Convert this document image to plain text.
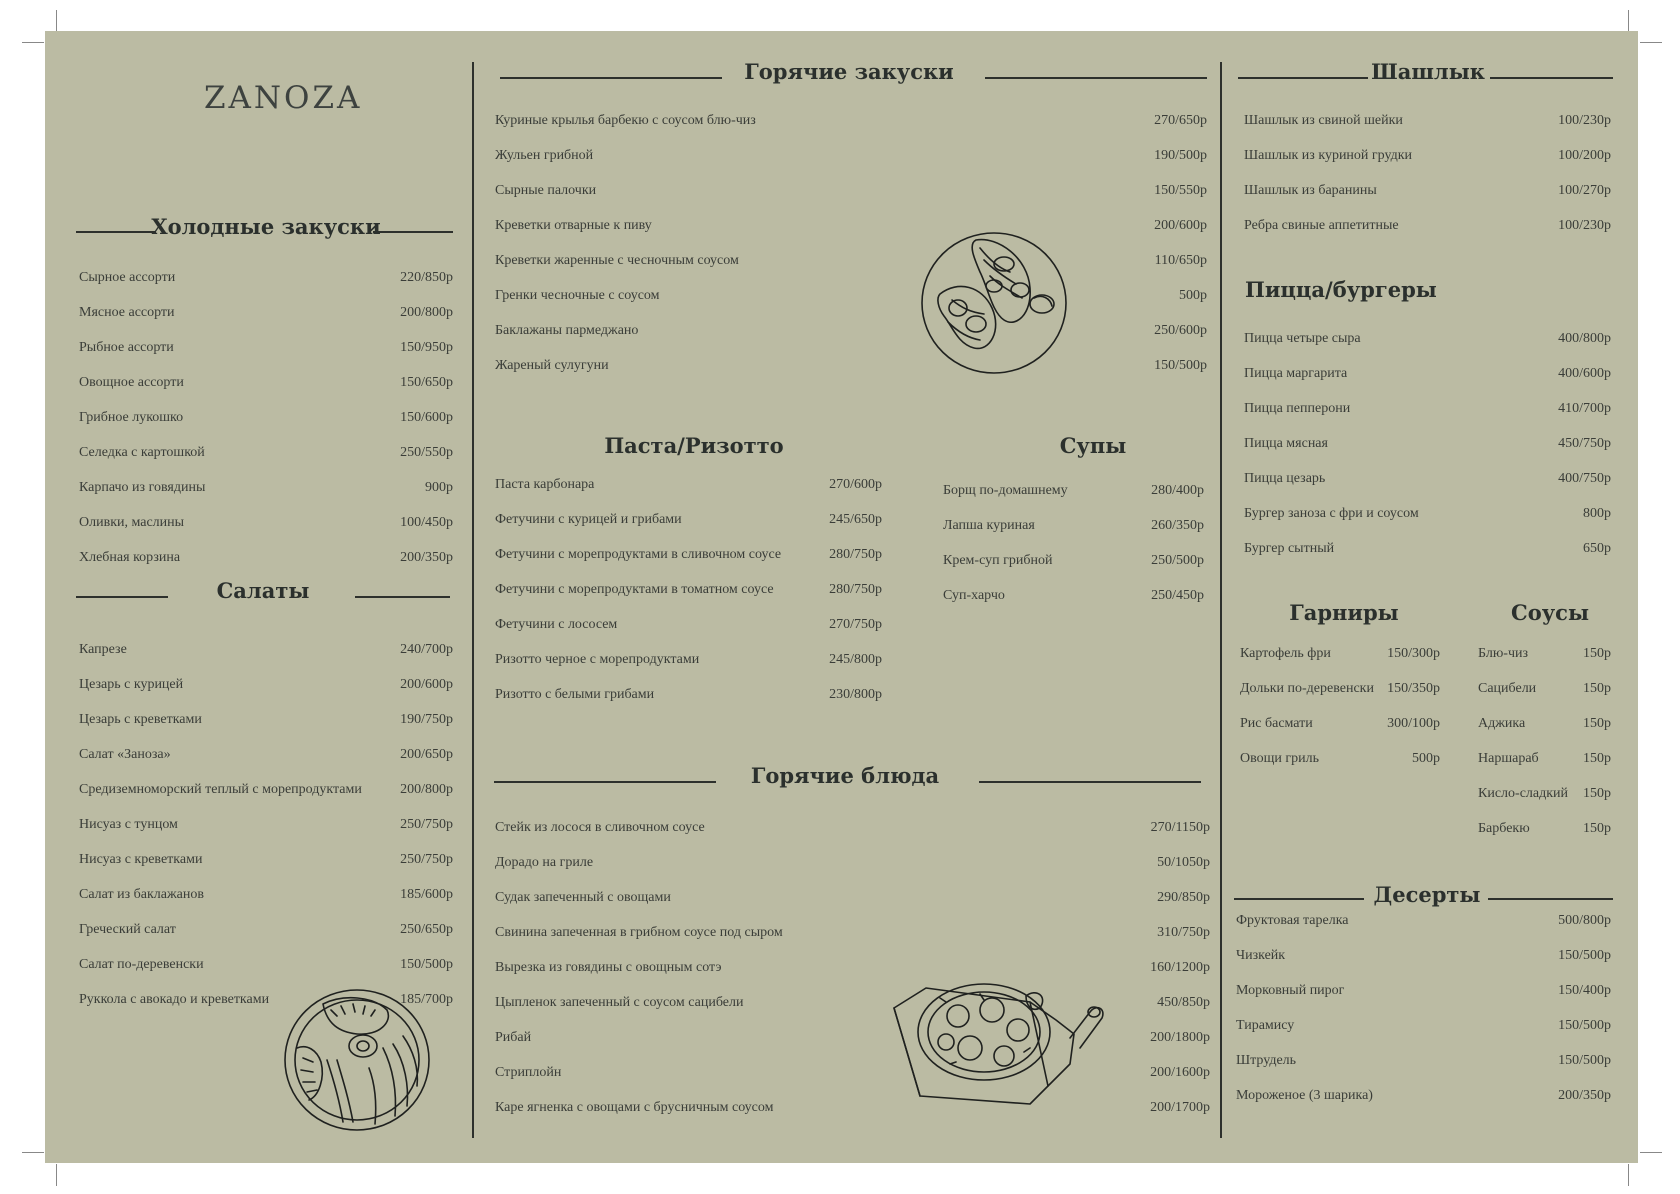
ZANOZA
Холодные закуски
Сырное ассорти	220/850р
Мясное ассорти	200/800р
Рыбное ассорти	150/950р
Овощное ассорти	150/650р
Грибное лукошко	150/600р
Селедка с картошкой	250/550р
Карпачо из говядины	900р
Оливки, маслины	100/450р
Хлебная корзина	200/350р
Салаты
Капрезе	240/700р
Цезарь с курицей	200/600р
Цезарь с креветками	190/750р
Салат «Заноза»	200/650р
Средиземноморский теплый с морепродуктами	200/800р
Нисуаз с тунцом	250/750р
Нисуаз с креветками	250/750р
Салат из баклажанов	185/600р
Греческий салат	250/650р
Салат по-деревенски	150/500р
Руккола с авокадо и креветками	185/700р
Горячие закуски
Куриные крылья барбекю с соусом блю-чиз	270/650р
Жульен грибной	190/500р
Сырные палочки	150/550р
Креветки отварные к пиву	200/600р
Креветки жаренные с чесночным соусом	110/650р
Гренки чесночные с соусом	500р
Баклажаны пармеджано	250/600р
Жареный сулугуни	150/500р
Паста/Ризотто
Паста карбонара	270/600р
Фетучини с курицей и грибами	245/650р
Фетучини с морепродуктами в сливочном соусе	280/750р
Фетучини с морепродуктами в томатном соусе	280/750р
Фетучини с лососем	270/750р
Ризотто черное с морепродуктами	245/800р
Ризотто с белыми грибами	230/800р
Супы
Борщ по-домашнему	280/400р
Лапша куриная	260/350р
Крем-суп грибной	250/500р
Суп-харчо	250/450р
Горячие блюда
Стейк из лосося в сливочном соусе	270/1150р
Дорадо на гриле	50/1050р
Судак запеченный с овощами	290/850р
Свинина запеченная в грибном соусе под сыром	310/750р
Вырезка из говядины с овощным сотэ	160/1200р
Цыпленок запеченный с соусом сацибели	450/850р
Рибай	200/1800р
Стриплойн	200/1600р
Каре ягненка с овощами с брусничным соусом	200/1700р
Шашлык
Шашлык из свиной шейки	100/230р
Шашлык из куриной грудки	100/200р
Шашлык из баранины	100/270р
Ребра свиные аппетитные	100/230р
Пицца/бургеры
Пицца четыре сыра	400/800р
Пицца маргарита	400/600р
Пицца пепперони	410/700р
Пицца мясная	450/750р
Пицца цезарь	400/750р
Бургер заноза с фри и соусом	800р
Бургер сытный	650р
Гарниры
Картофель фри	150/300р
Дольки по-деревенски 150/350р
Рис басмати	300/100р
Овощи гриль	500р
Соусы
Блю-чиз	150р
Сацибели	150р
Аджика	150р
Наршараб	150р
Кисло-сладкий 150р
Барбекю	150р
Десерты
Фруктовая тарелка	500/800р
Чизкейк	150/500р
Морковный пирог	150/400р
Тирамису	150/500р
Штрудель	150/500р
Мороженое (3 шарика)	200/350р
